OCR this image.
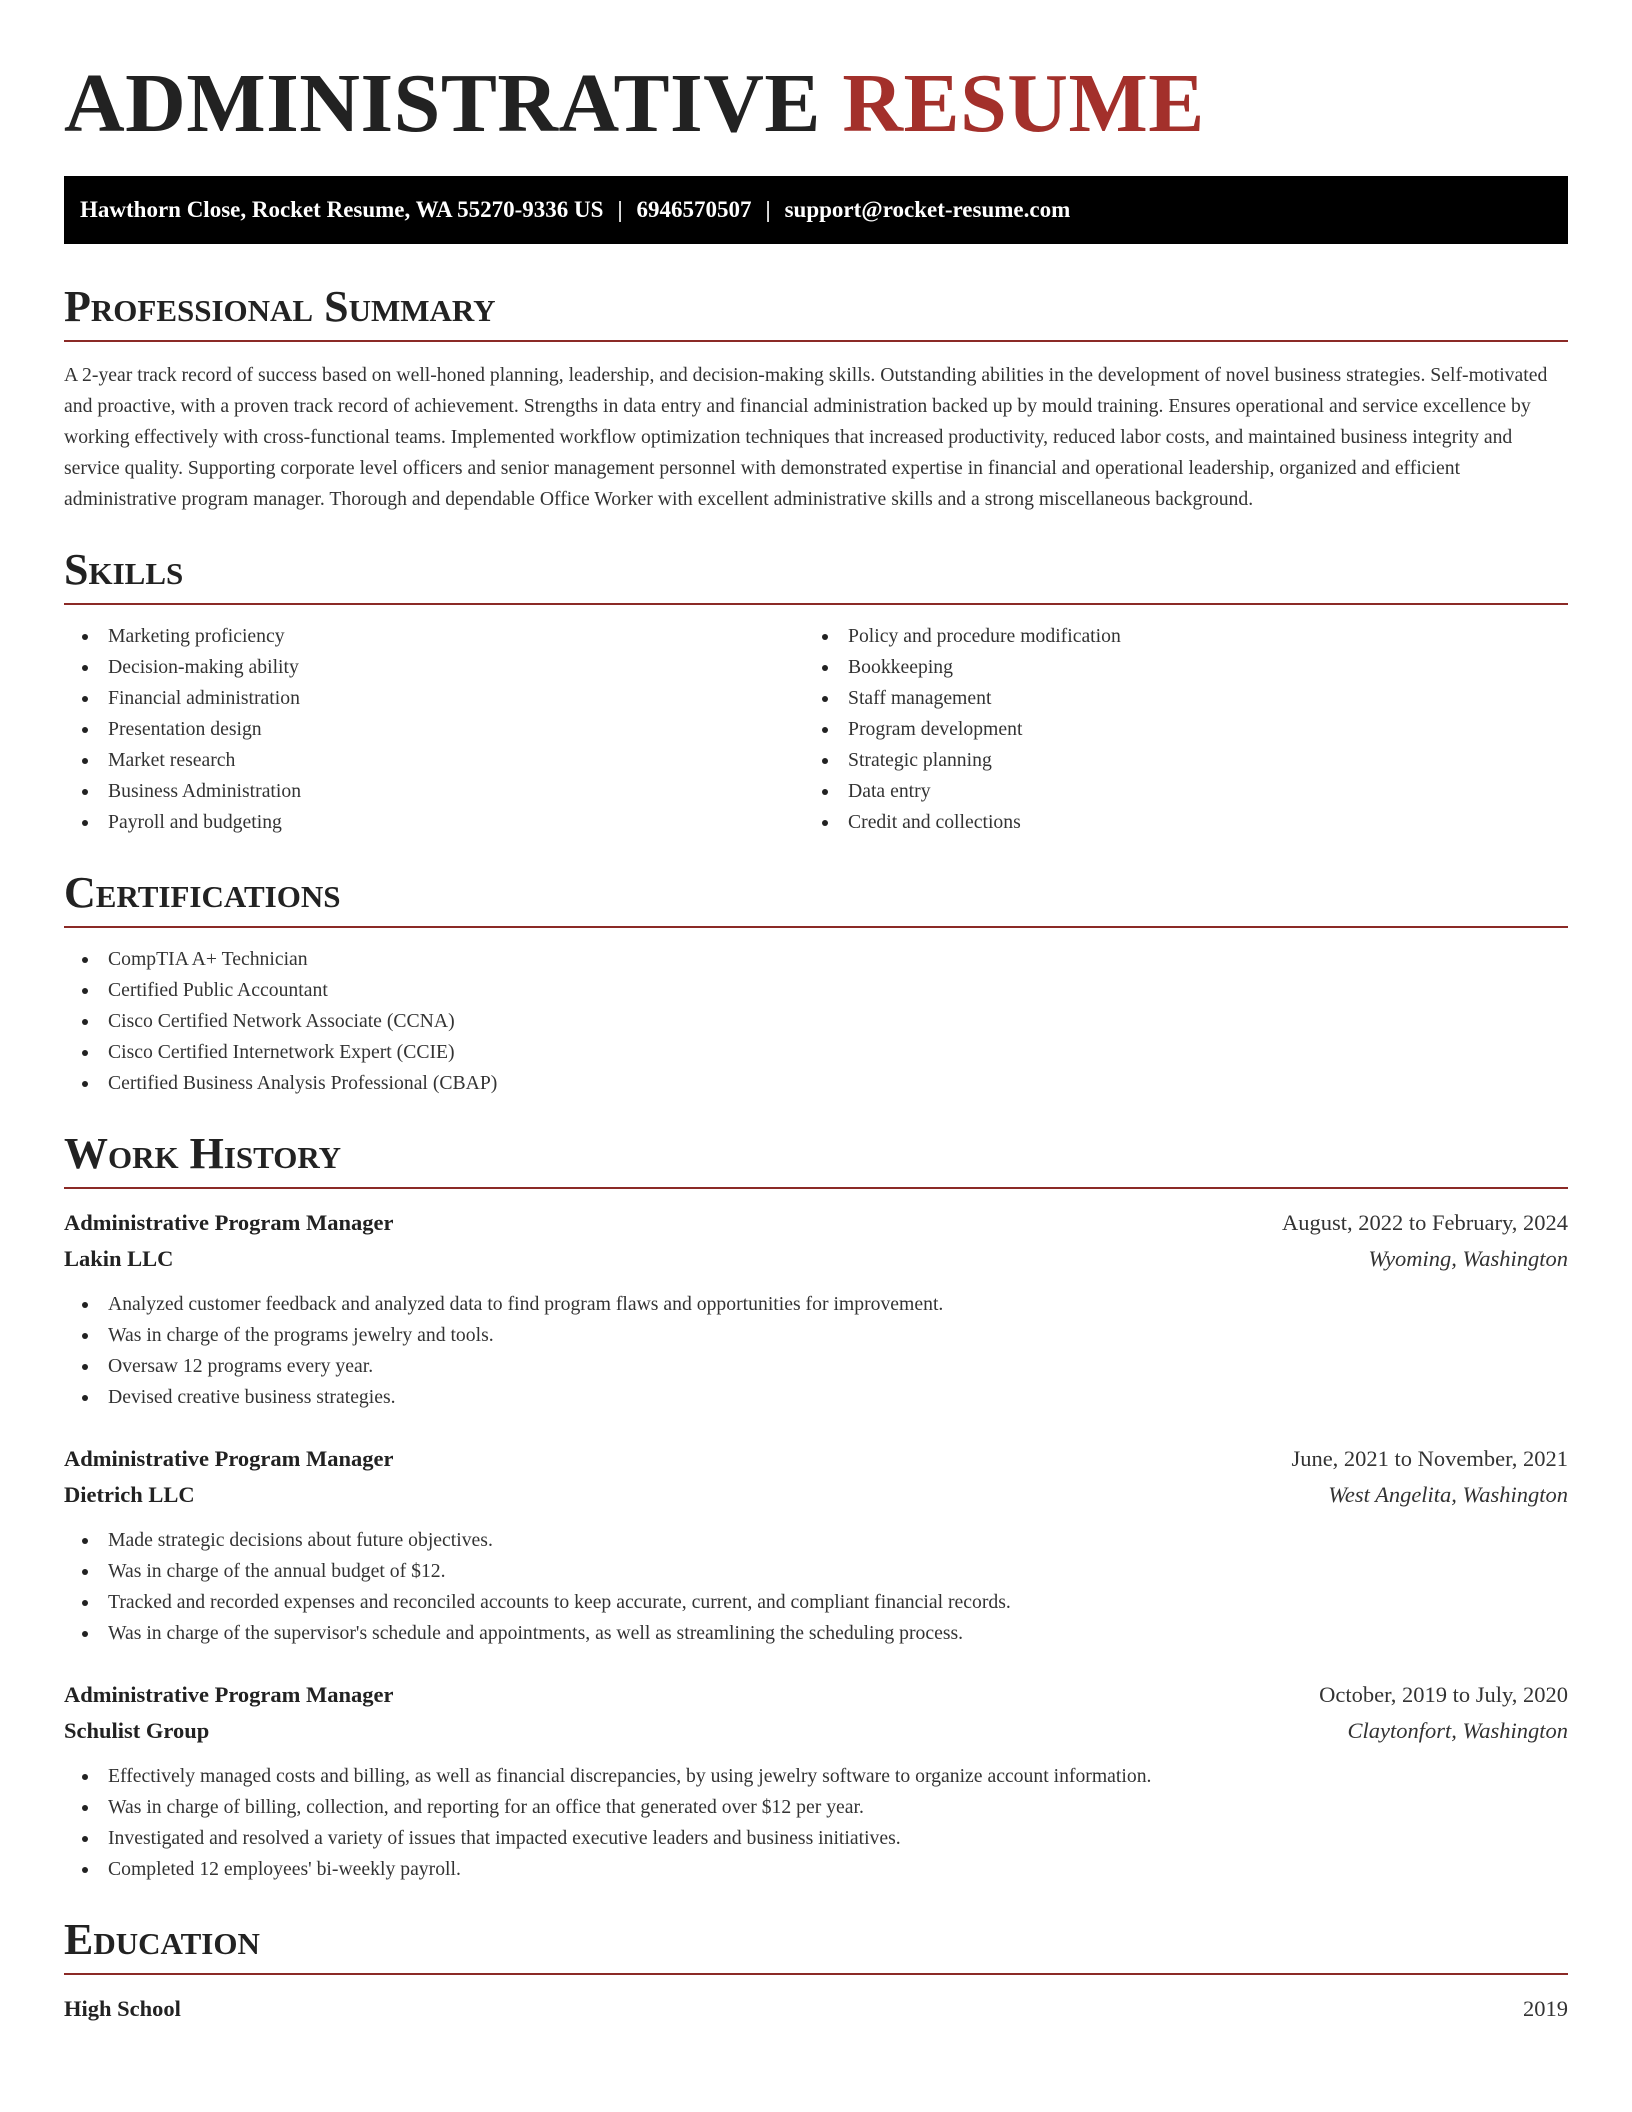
ADMINISTRATIVE RESUME
Hawthorn Close, Rocket Resume, WA 55270-9336 US | 6946570507 | support@rocket-resume.com
Professional Summary

A 2-year track record of success based on well-honed planning, leadership, and decision-making skills. Outstanding abilities in the development of novel business strategies. Self-motivated and proactive, with a proven track record of achievement. Strengths in data entry and financial administration backed up by mould training. Ensures operational and service excellence by working effectively with cross-functional teams. Implemented workflow optimization techniques that increased productivity, reduced labor costs, and maintained business integrity and service quality. Supporting corporate level officers and senior management personnel with demonstrated expertise in financial and operational leadership, organized and efficient administrative program manager. Thorough and dependable Office Worker with excellent administrative skills and a strong miscellaneous background.

Skills
Marketing proficiency
Decision-making ability
Financial administration
Presentation design
Market research
Business Administration
Payroll and budgeting
Policy and procedure modification
Bookkeeping
Staff management
Program development
Strategic planning
Data entry
Credit and collections
Certifications
CompTIA A+ Technician
Certified Public Accountant
Cisco Certified Network Associate (CCNA)
Cisco Certified Internetwork Expert (CCIE)
Certified Business Analysis Professional (CBAP)
Work History
Administrative Program Manager	August, 2022 to February, 2024
Lakin LLC	Wyoming, Washington
Analyzed customer feedback and analyzed data to find program flaws and opportunities for improvement.
Was in charge of the programs jewelry and tools.
Oversaw 12 programs every year.
Devised creative business strategies.
Administrative Program Manager	June, 2021 to November, 2021
Dietrich LLC	West Angelita, Washington
Made strategic decisions about future objectives.
Was in charge of the annual budget of $12.
Tracked and recorded expenses and reconciled accounts to keep accurate, current, and compliant financial records.
Was in charge of the supervisor's schedule and appointments, as well as streamlining the scheduling process.
Administrative Program Manager	October, 2019 to July, 2020
Schulist Group	Claytonfort, Washington
Effectively managed costs and billing, as well as financial discrepancies, by using jewelry software to organize account information.
Was in charge of billing, collection, and reporting for an office that generated over $12 per year.
Investigated and resolved a variety of issues that impacted executive leaders and business initiatives.
Completed 12 employees' bi-weekly payroll.
Education
High School	2019
